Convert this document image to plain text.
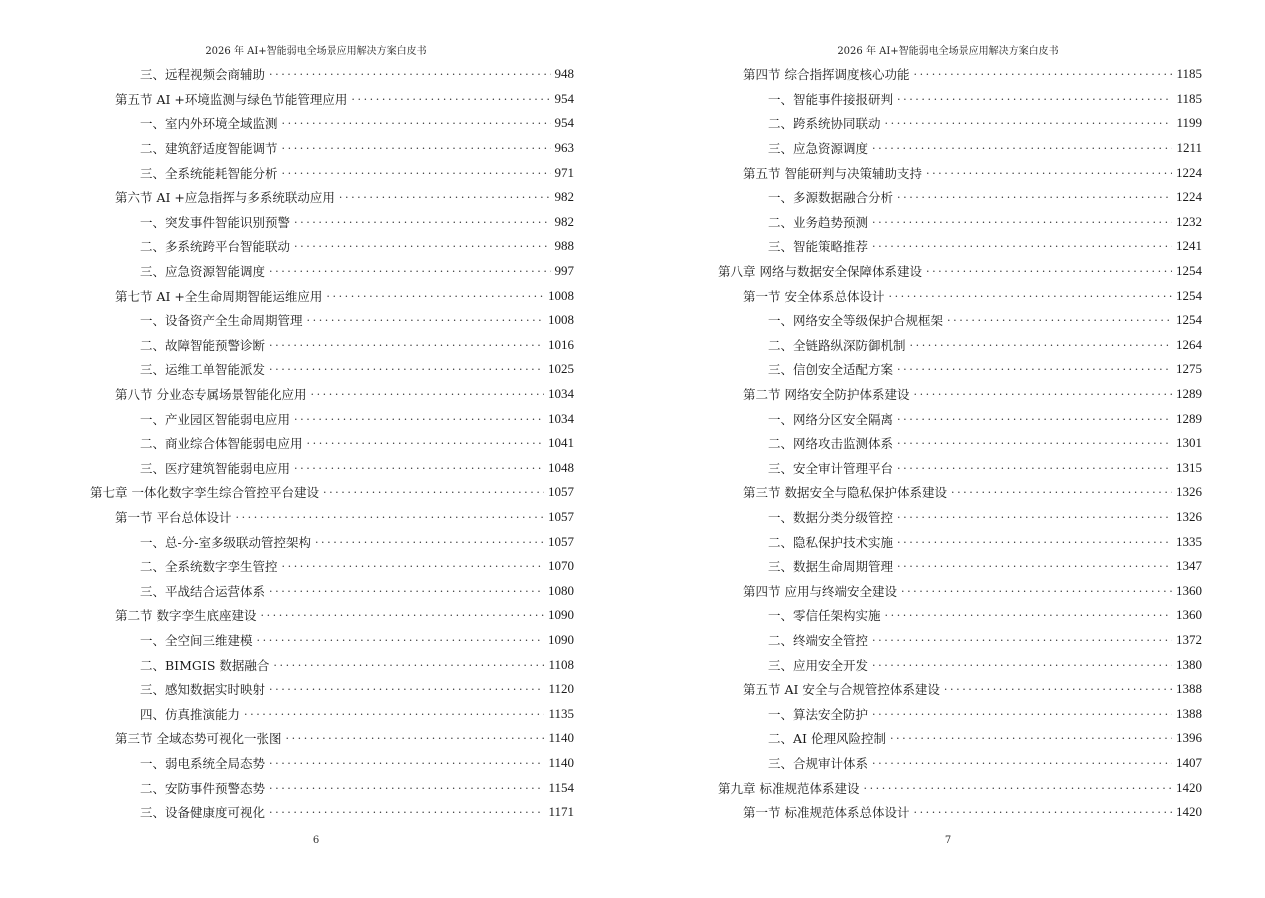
2026 年 AI+智能弱电全场景应用解决方案白皮书
三、远程视频会商辅助 .....	948
第五节 AI +环境监测与绿色节能管理应用 .....	954
一、室内外环境全域监测 .....	954
二、建筑舒适度智能调节 .....	963
三、全系统能耗智能分析 .....	971
第六节 AI +应急指挥与多系统联动应用 .....	982
一、突发事件智能识别预警 .....	982
二、多系统跨平台智能联动 .....	988
三、应急资源智能调度 .....	997
第七节 AI +全生命周期智能运维应用 .....	1008
一、设备资产全生命周期管理 .....	1008
二、故障智能预警诊断 .....	1016
三、运维工单智能派发 .....	1025
第八节 分业态专属场景智能化应用 .....	1034
一、产业园区智能弱电应用 .....	1034
二、商业综合体智能弱电应用 .....	1041
三、医疗建筑智能弱电应用 .....	1048
第七章 一体化数字孪生综合管控平台建设 .....	1057
第一节 平台总体设计 .....	1057
一、总-分-室多级联动管控架构 .....	1057
二、全系统数字孪生管控 .....	1070
三、平战结合运营体系 .....	1080
第二节 数字孪生底座建设 .....	1090
一、全空间三维建模 .....	1090
二、BIMGIS 数据融合 .....	1108
三、感知数据实时映射 .....	1120
四、仿真推演能力 .....	1135
第三节 全域态势可视化一张图 .....	1140
一、弱电系统全局态势 .....	1140
二、安防事件预警态势 .....	1154
三、设备健康度可视化 .....	1171
6
2026 年 AI+智能弱电全场景应用解决方案白皮书
第四节 综合指挥调度核心功能 .....	1185
一、智能事件接报研判 .....	1185
二、跨系统协同联动 .....	1199
三、应急资源调度 .....	1211
第五节 智能研判与决策辅助支持 .....	1224
一、多源数据融合分析 .....	1224
二、业务趋势预测 .....	1232
三、智能策略推荐 .....	1241
第八章 网络与数据安全保障体系建设 .....	1254
第一节 安全体系总体设计 .....	1254
一、网络安全等级保护合规框架 .....	1254
二、全链路纵深防御机制 .....	1264
三、信创安全适配方案 .....	1275
第二节 网络安全防护体系建设 .....	1289
一、网络分区安全隔离 .....	1289
二、网络攻击监测体系 .....	1301
三、安全审计管理平台 .....	1315
第三节 数据安全与隐私保护体系建设 .....	1326
一、数据分类分级管控 .....	1326
二、隐私保护技术实施 .....	1335
三、数据生命周期管理 .....	1347
第四节 应用与终端安全建设 .....	1360
一、零信任架构实施 .....	1360
二、终端安全管控 .....	1372
三、应用安全开发 .....	1380
第五节 AI 安全与合规管控体系建设 .....	1388
一、算法安全防护 .....	1388
二、AI 伦理风险控制 .....	1396
三、合规审计体系 .....	1407
第九章 标准规范体系建设 .....	1420
第一节 标准规范体系总体设计 .....	1420
7
